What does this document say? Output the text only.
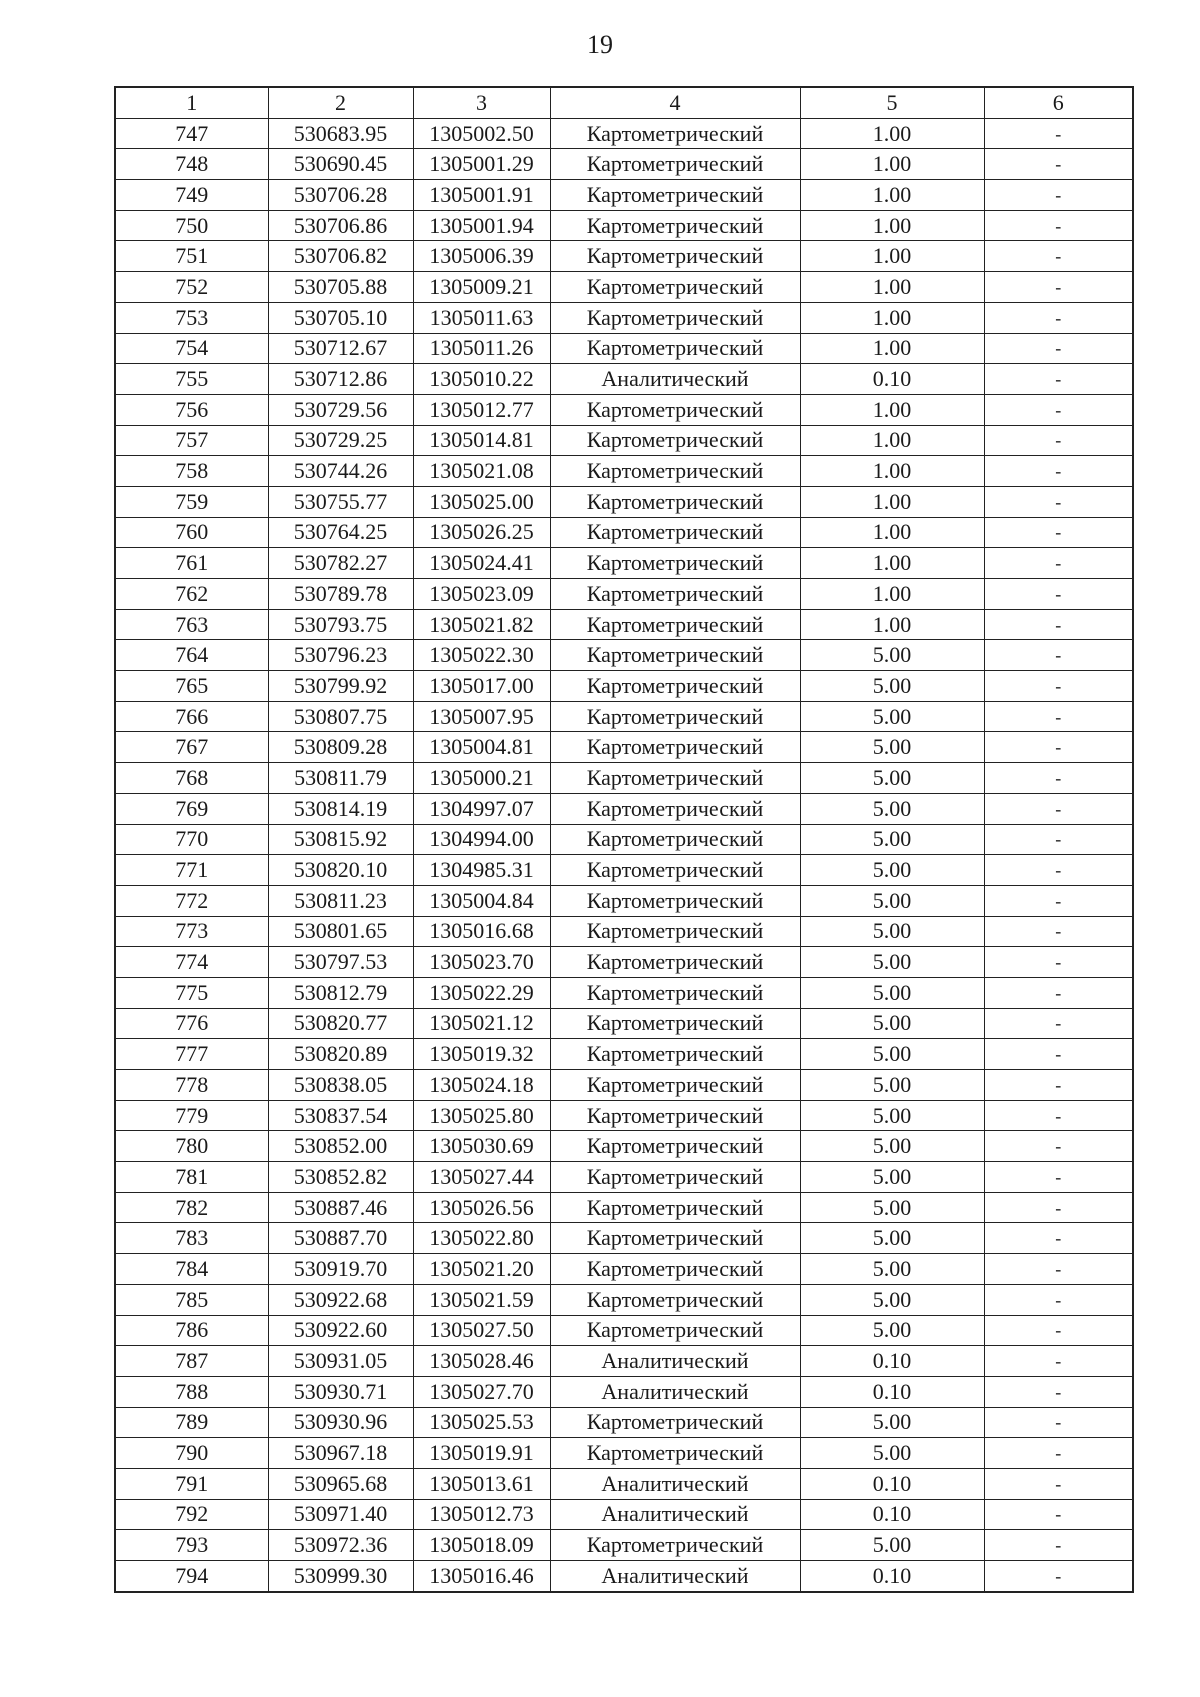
19
1	2	3	4	5	6
747	530683.95	1305002.50	Картометрический	1.00	-
748	530690.45	1305001.29	Картометрический	1.00	-
749	530706.28	1305001.91	Картометрический	1.00	-
750	530706.86	1305001.94	Картометрический	1.00	-
751	530706.82	1305006.39	Картометрический	1.00	-
752	530705.88	1305009.21	Картометрический	1.00	-
753	530705.10	1305011.63	Картометрический	1.00	-
754	530712.67	1305011.26	Картометрический	1.00	-
755	530712.86	1305010.22	Аналитический	0.10	-
756	530729.56	1305012.77	Картометрический	1.00	-
757	530729.25	1305014.81	Картометрический	1.00	-
758	530744.26	1305021.08	Картометрический	1.00	-
759	530755.77	1305025.00	Картометрический	1.00	-
760	530764.25	1305026.25	Картометрический	1.00	-
761	530782.27	1305024.41	Картометрический	1.00	-
762	530789.78	1305023.09	Картометрический	1.00	-
763	530793.75	1305021.82	Картометрический	1.00	-
764	530796.23	1305022.30	Картометрический	5.00	-
765	530799.92	1305017.00	Картометрический	5.00	-
766	530807.75	1305007.95	Картометрический	5.00	-
767	530809.28	1305004.81	Картометрический	5.00	-
768	530811.79	1305000.21	Картометрический	5.00	-
769	530814.19	1304997.07	Картометрический	5.00	-
770	530815.92	1304994.00	Картометрический	5.00	-
771	530820.10	1304985.31	Картометрический	5.00	-
772	530811.23	1305004.84	Картометрический	5.00	-
773	530801.65	1305016.68	Картометрический	5.00	-
774	530797.53	1305023.70	Картометрический	5.00	-
775	530812.79	1305022.29	Картометрический	5.00	-
776	530820.77	1305021.12	Картометрический	5.00	-
777	530820.89	1305019.32	Картометрический	5.00	-
778	530838.05	1305024.18	Картометрический	5.00	-
779	530837.54	1305025.80	Картометрический	5.00	-
780	530852.00	1305030.69	Картометрический	5.00	-
781	530852.82	1305027.44	Картометрический	5.00	-
782	530887.46	1305026.56	Картометрический	5.00	-
783	530887.70	1305022.80	Картометрический	5.00	-
784	530919.70	1305021.20	Картометрический	5.00	-
785	530922.68	1305021.59	Картометрический	5.00	-
786	530922.60	1305027.50	Картометрический	5.00	-
787	530931.05	1305028.46	Аналитический	0.10	-
788	530930.71	1305027.70	Аналитический	0.10	-
789	530930.96	1305025.53	Картометрический	5.00	-
790	530967.18	1305019.91	Картометрический	5.00	-
791	530965.68	1305013.61	Аналитический	0.10	-
792	530971.40	1305012.73	Аналитический	0.10	-
793	530972.36	1305018.09	Картометрический	5.00	-
794	530999.30	1305016.46	Аналитический	0.10	-
